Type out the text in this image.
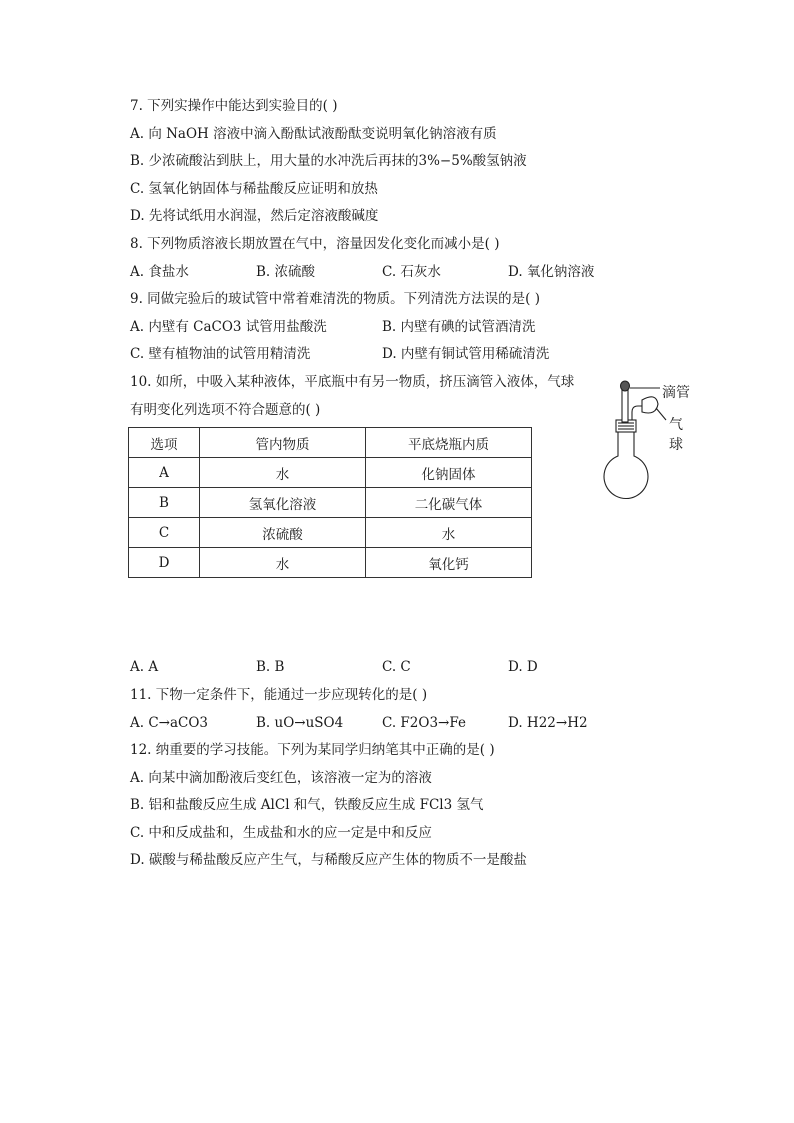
7. 下列实操作中能达到实验目的( )
A. 向 NaOH 溶液中滴入酚酞试液酚酞变说明氧化钠溶液有质
B. 少浓硫酸沾到肤上，用大量的水冲洗后再抹的3%−5%酸氢钠液
C. 氢氧化钠固体与稀盐酸反应证明和放热
D. 先将试纸用水润湿，然后定溶液酸碱度
8. 下列物质溶液长期放置在气中，溶量因发化变化而减小是( )
A. 食盐水	B. 浓硫酸	C. 石灰水	D. 氧化钠溶液
9. 同做完验后的玻试管中常着难清洗的物质。下列清洗方法误的是( )
A. 内壁有 CaCO3 试管用盐酸洗	B. 内壁有碘的试管酒清洗
C. 壁有植物油的试管用精清洗	D. 内壁有铜试管用稀硫清洗
10. 如所，中吸入某种液体，平底瓶中有另一物质，挤压滴管入液体，气球
有明变化列选项不符合题意的( )
选项	管内物质	平底烧瓶内质
A	水	化钠固体
B	氢氧化溶液	二化碳气体
C	浓硫酸	水
D	水	氧化钙
滴管
气
球
A. A	B. B	C. C	D. D
11. 下物一定条件下，能通过一步应现转化的是( )
A. C→aCO3	B. uO→uSO4	C. F2O3→Fe	D. H22→H2
12. 纳重要的学习技能。下列为某同学归纳笔其中正确的是( )
A. 向某中滴加酚液后变红色，该溶液一定为的溶液
B. 铝和盐酸反应生成 AlCl 和气，铁酸反应生成 FCl3 氢气
C. 中和反成盐和，生成盐和水的应一定是中和反应
D. 碳酸与稀盐酸反应产生气，与稀酸反应产生体的物质不一是酸盐
